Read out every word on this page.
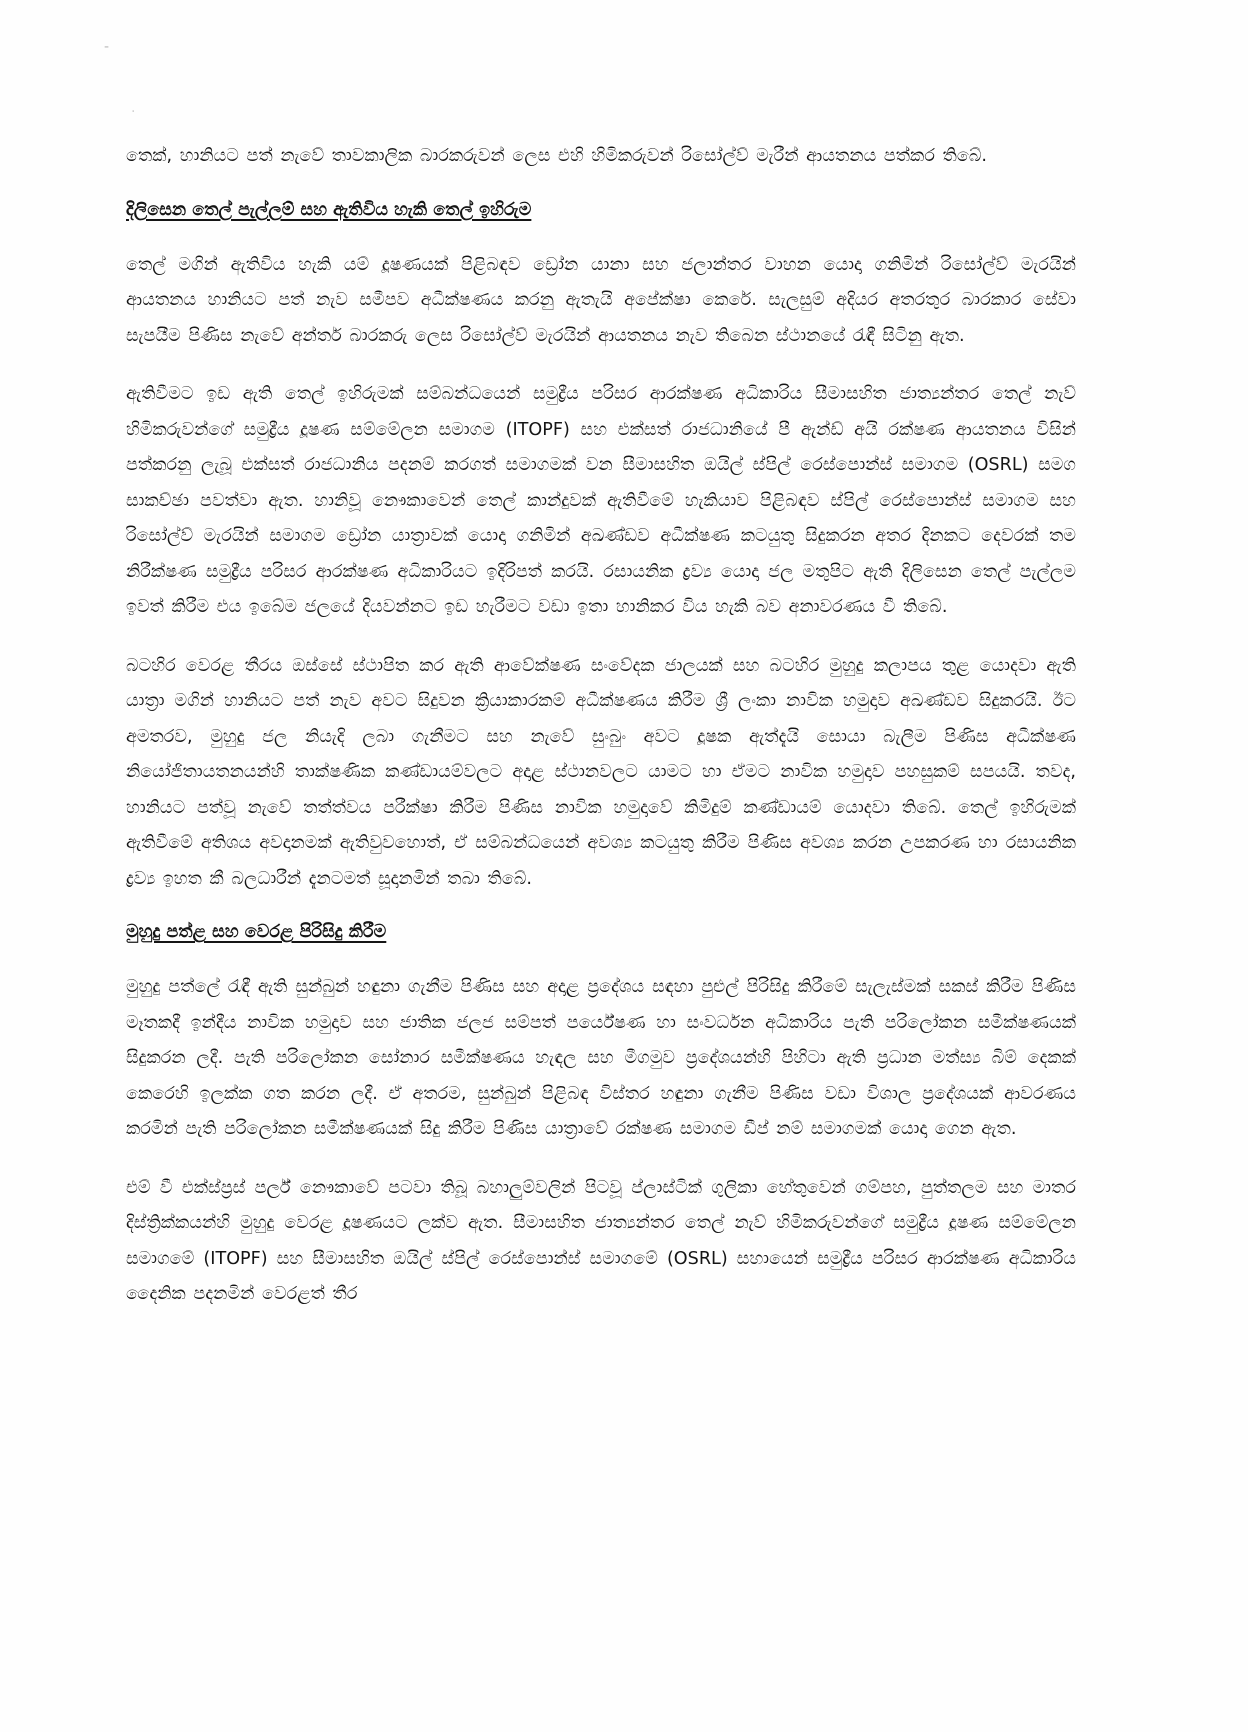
-
·

තෙක්, හානියට පත් නැවේ තාවකාලික බාරකරුවන් ලෙස එහි හිමිකරුවන් රිසෝල්ව් මැරීන් ආයතනය පත්කර තිබේ.

දිලිසෙන තෙල් පැල්ලම් සහ ඇතිවිය හැකි තෙල් ඉහිරුම

තෙල් මගින් ඇතිවිය හැකි යම් දූෂණයක් පිළිබඳව ඩ්‍රෝන යානා සහ ජලාන්තර වාහන යොදා ගනිමින් රිසෝල්ව් මැරයින් ආයතනය හානියට පත් නැව සමීපව අධීක්ෂණය කරනු ඇතැයි අපේක්ෂා කෙරේ. සැලසුම් අදියර අතරතුර බාරකාර සේවා සැපයීම පිණිස නැවේ අන්තර් බාරකරු ලෙස රිසෝල්ව් මැරයින් ආයතනය නැව තිබෙන ස්ථානයේ රැඳී සිටිනු ඇත.

ඇතිවීමට ඉඩ ඇති තෙල් ඉහිරුමක් සම්බන්ධයෙන් සමුද්‍රීය පරිසර ආරක්ෂණ අධිකාරිය සීමාසහිත ජාත්‍යන්තර තෙල් නැව් හිමිකරුවන්ගේ සමුද්‍රීය දූෂණ සම්මේලන සමාගම (ITOPF) සහ එක්සත් රාජධානියේ පී ඇන්ඩ් අයි රක්ෂණ ආයතනය විසින් පත්කරනු ලැබූ එක්සත් රාජධානිය පදනම් කරගත් සමාගමක් වන සීමාසහිත ඔයිල් ස්පිල් රෙස්පොන්ස් සමාගම (OSRL) සමග සාකච්ඡා පවත්වා ඇත. හානිවූ නෞකාවෙන් තෙල් කාන්දුවක් ඇතිවීමේ හැකියාව පිළිබඳව ස්පිල් රෙස්පොන්ස් සමාගම සහ රිසෝල්ව් මැරයින් සමාගම ඩ්‍රෝන යාත්‍රාවක් යොදා ගනිමින් අඛණ්ඩව අධීක්ෂණ කටයුතු සිදුකරන අතර දිනකට දෙවරක් තම නිරීක්ෂණ සමුද්‍රීය පරිසර ආරක්ෂණ අධිකාරියට ඉදිරිපත් කරයි. රසායනික ද්‍රව්‍ය යොදා ජල මතුපිට ඇති දිලිසෙන තෙල් පැල්ලම ඉවත් කිරීම එය ඉබේම ජලයේ දියවන්නට ඉඩ හැරීමට වඩා ඉතා හානිකර විය හැකි බව අනාවරණය වී තිබේ.

බටහිර වෙරළ තීරය ඔස්සේ ස්ථාපිත කර ඇති ආවේක්ෂණ සංවේදක ජාලයක් සහ බටහිර මුහුදු කලාපය තුළ යොදවා ඇති යාත්‍රා මගින් හානියට පත් නැව අවට සිදුවන ක්‍රියාකාරකම් අධීක්ෂණය කිරීම ශ්‍රී ලංකා නාවික හමුදාව අඛණ්ඩව සිදුකරයි. ඊට අමතරව, මුහුදු ජල නියැදි ලබා ගැනීමට සහ නැවේ සුංබුං අවට දූෂක ඇත්දැයි සොයා බැලීම පිණිස අධීක්ෂණ නියෝජිතායතනයන්හි තාක්ෂණික කණ්ඩායම්වලට අදාළ ස්ථානවලට යාමට හා ඒමට නාවික හමුදාව පහසුකම් සපයයි. තවද, හානියට පත්වූ නැවේ තත්ත්වය පරීක්ෂා කිරීම පිණිස නාවික හමුදාවේ කිමිදුම් කණ්ඩායම් යොදවා තිබේ. තෙල් ඉහිරුමක් ඇතිවීමේ අතිශය අවදානමක් ඇතිවුවහොත්, ඒ සම්බන්ධයෙන් අවශ්‍ය කටයුතු කිරීම පිණිස අවශ්‍ය කරන උපකරණ හා රසායනික ද්‍රව්‍ය ඉහත කී බලධාරීන් දැනටමත් සූදානමින් තබා තිබේ.

මුහුදු පත්ළ සහ වෙරළ පිරිසිදු කිරීම

මුහුදු පත්ලේ රැඳී ඇති සුන්බුන් හඳුනා ගැනීම පිණිස සහ අදාළ ප්‍රදේශය සඳහා පුළුල් පිරිසිදු කිරීමේ සැලැස්මක් සකස් කිරීම පිණිස මෑතකදී ඉන්දීය නාවික හමුදාව සහ ජාතික ජලජ සම්පත් පර්යේෂණ හා සංවර්ධන අධිකාරිය පැති පරිලෝකන සමීක්ෂණයක් සිදුකරන ලදී. පැති පරිලෝකන සෝනාර සමීක්ෂණය හැඳල සහ මීගමුව ප්‍රදේශයන්හි පිහිටා ඇති ප්‍රධාන මත්ස්‍ය බිම් දෙකක් කෙරෙහි ඉලක්ක ගත කරන ලදී. ඒ අතරම, සුන්බුන් පිළිබඳ විස්තර හඳුනා ගැනීම පිණිස වඩා විශාල ප්‍රදේශයක් ආවරණය කරමින් පැති පරිලෝකන සමීක්ෂණයක් සිදු කිරීම පිණිස යාත්‍රාවේ රක්ෂණ සමාගම ඩීප් නම් සමාගමක් යොදා ගෙන ඇත.

එම් වී එක්ස්ප්‍රස් පර්ල් නෞකාවේ පටවා තිබූ බහාලුම්වලින් පිටවූ ප්ලාස්ටික් ගුලිකා හේතුවෙන් ගම්පහ, පුත්තලම සහ මාතර දිස්ත්‍රික්කයන්හි මුහුදු වෙරළ දූෂණයට ලක්ව ඇත. සීමාසහිත ජාත්‍යන්තර තෙල් නැව් හිමිකරුවන්ගේ සමුද්‍රීය දූෂණ සම්මේලන සමාගමේ (ITOPF) සහ සීමාසහිත ඔයිල් ස්පිල් රෙස්පොන්ස් සමාගමේ (OSRL) සහායෙන් සමුද්‍රීය පරිසර ආරක්ෂණ අධිකාරිය දෛනික පදනමින් වෙරළත් තීර
